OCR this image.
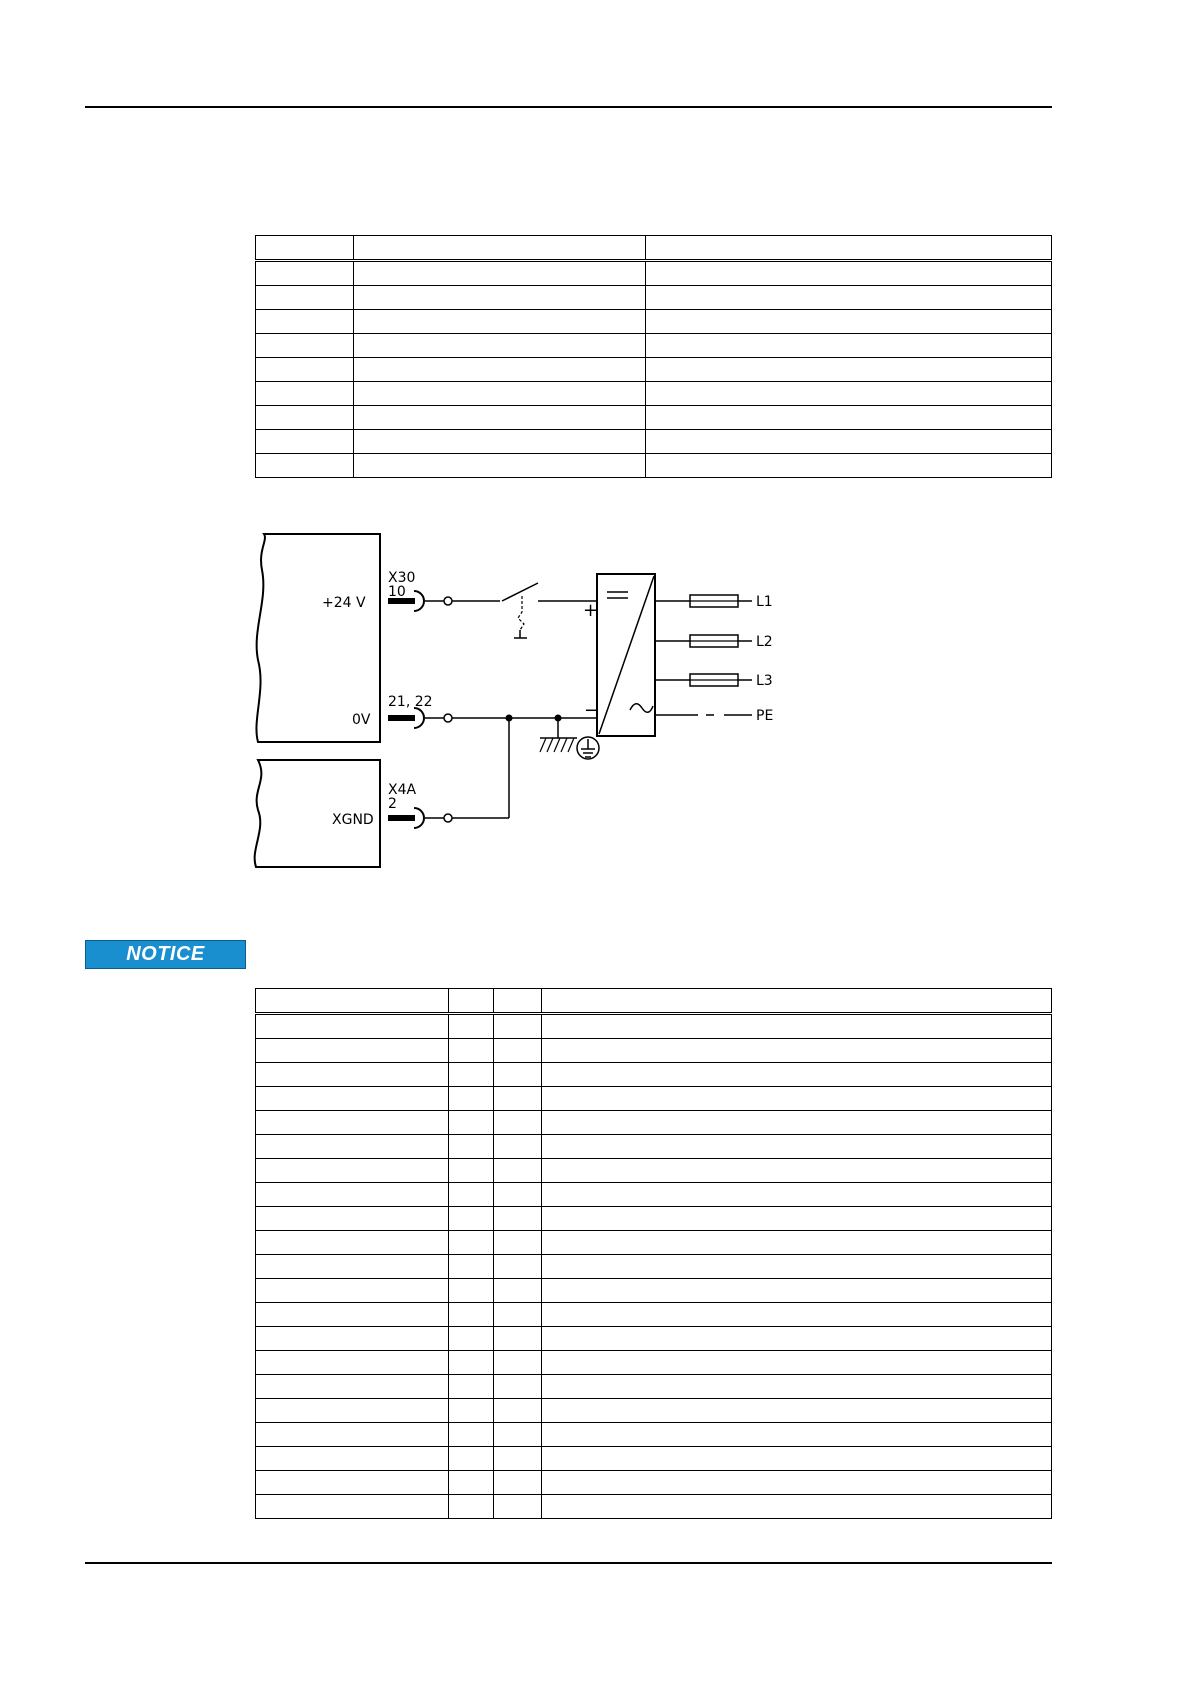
X30
10
+24 V
21, 22
0V
X4A
2
XGND
+
−
L1
L2
L3
PE
NOTICE
